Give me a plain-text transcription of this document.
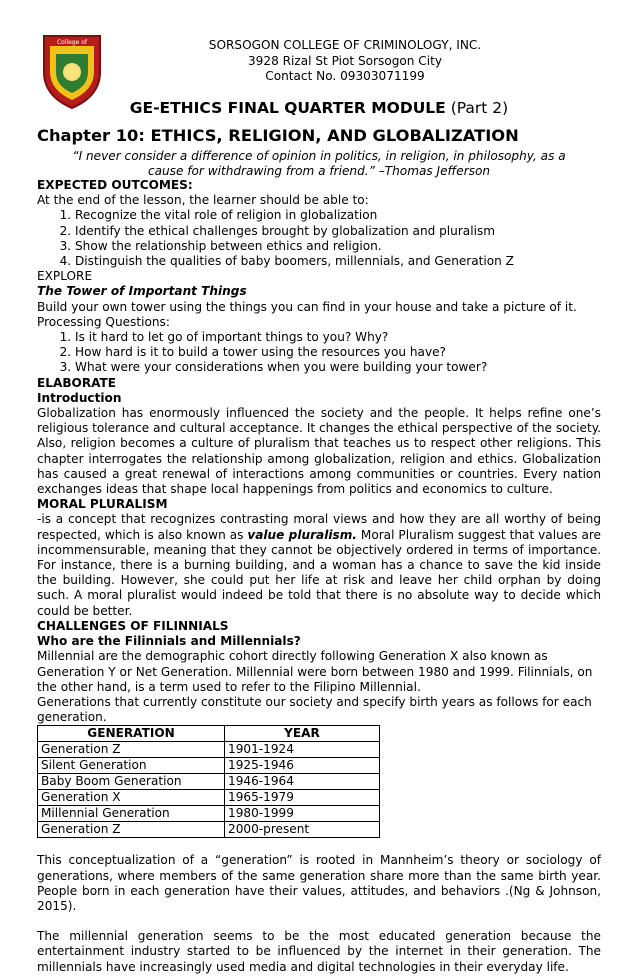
College of	SORSOGON COLLEGE OF CRIMINOLOGY, INC.
3928 Rizal St Piot Sorsogon City
Contact No. 09303071199
GE-ETHICS FINAL QUARTER MODULE (Part 2)
Chapter 10: ETHICS, RELIGION, AND GLOBALIZATION
“I never consider a difference of opinion in politics, in religion, in philosophy, as a cause for withdrawing from a friend.” –Thomas Jefferson
EXPECTED OUTCOMES:
At the end of the lesson, the learner should be able to:
1. Recognize the vital role of religion in globalization
2. Identify the ethical challenges brought by globalization and pluralism
3. Show the relationship between ethics and religion.
4. Distinguish the qualities of baby boomers, millennials, and Generation Z
EXPLORE
The Tower of Important Things
Build your own tower using the things you can find in your house and take a picture of it.
Processing Questions:
1. Is it hard to let go of important things to you? Why?
2. How hard is it to build a tower using the resources you have?
3. What were your considerations when you were building your tower?
ELABORATE
Introduction

Globalization has enormously influenced the society and the people. It helps refine one’s religious tolerance and cultural acceptance. It changes the ethical perspective of the society. Also, religion becomes a culture of pluralism that teaches us to respect other religions. This chapter interrogates the relationship among globalization, religion and ethics. Globalization has caused a great renewal of interactions among communities or countries. Every nation exchanges ideas that shape local happenings from politics and economics to culture.

MORAL PLURALISM

-is a concept that recognizes contrasting moral views and how they are all worthy of being respected, which is also known as value pluralism. Moral Pluralism suggest that values are incommensurable, meaning that they cannot be objectively ordered in terms of importance. For instance, there is a burning building, and a woman has a chance to save the kid inside the building. However, she could put her life at risk and leave her child orphan by doing such. A moral pluralist would indeed be told that there is no absolute way to decide which could be better.

CHALLENGES OF FILINNIALS
Who are the Filinnials and Millennials?

Millennial are the demographic cohort directly following Generation X also known as Generation Y or Net Generation. Millennial were born between 1980 and 1999. Filinnials, on the other hand, is a term used to refer to the Filipino Millennial.

Generations that currently constitute our society and specify birth years as follows for each generation.

GENERATION	YEAR
Generation Z	1901-1924
Silent Generation	1925-1946
Baby Boom Generation	1946-1964
Generation X	1965-1979
Millennial Generation	1980-1999
Generation Z	2000-present

This conceptualization of a “generation” is rooted in Mannheim’s theory or sociology of generations, where members of the same generation share more than the same birth year. People born in each generation have their values, attitudes, and behaviors .(Ng & Johnson, 2015).

The millennial generation seems to be the most educated generation because the entertainment industry started to be influenced by the internet in their generation. The millennials have increasingly used media and digital technologies in their everyday life.
